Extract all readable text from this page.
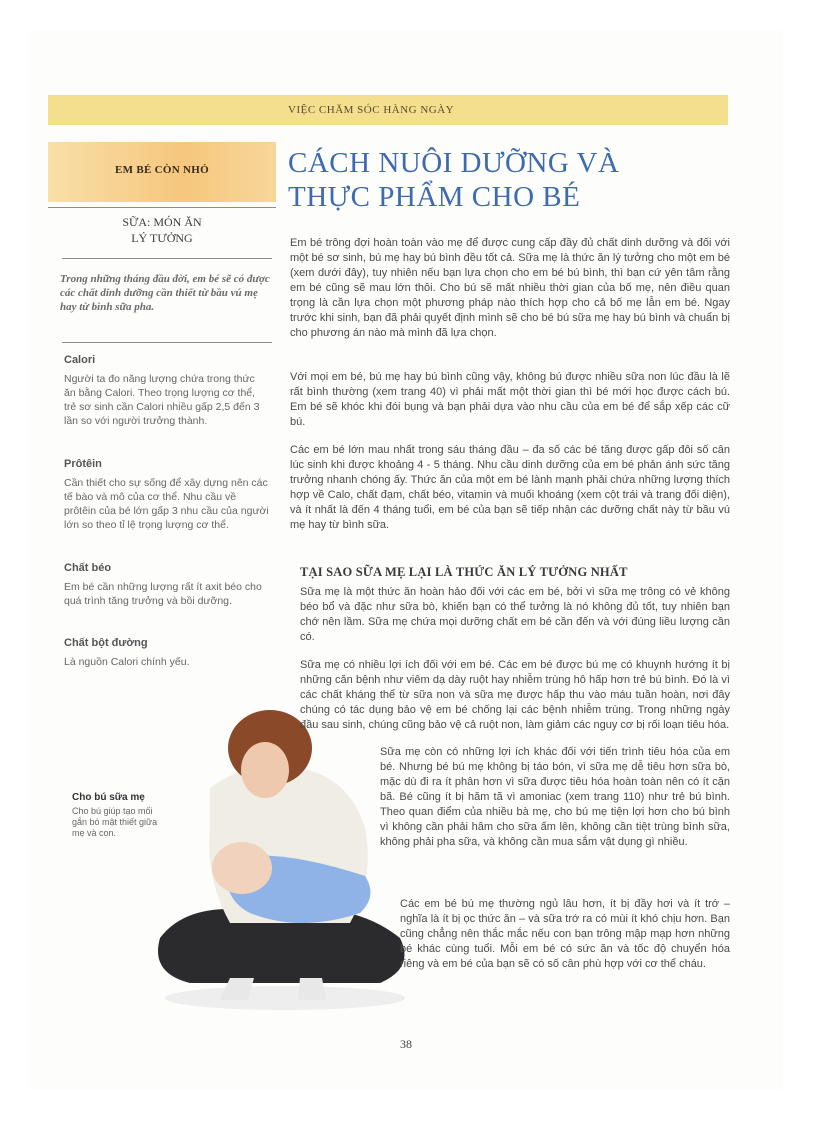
VIỆC CHĂM SÓC HÀNG NGÀY
EM BÉ CÒN NHỎ
SỮA: MÓN ĂN
LÝ TƯỞNG
Trong những tháng đầu đời, em bé sẽ có được các chất dinh dưỡng cần thiết từ bầu vú mẹ hay từ bình sữa pha.
Calori
Người ta đo năng lượng chứa trong thức ăn bằng Calori. Theo trọng lượng cơ thể, trẻ sơ sinh cần Calori nhiều gấp 2,5 đến 3 lần so với người trưởng thành.
Prôtêin
Cần thiết cho sự sống để xây dựng nên các tế bào và mô của cơ thể. Nhu cầu về prôtêin của bé lớn gấp 3 nhu cầu của người lớn so theo tỉ lệ trọng lượng cơ thể.
Chất béo
Em bé cần những lượng rất ít axit béo cho quá trình tăng trưởng và bồi dưỡng.
Chất bột đường
Là nguồn Calori chính yếu.
Cho bú sữa mẹ
Cho bú giúp tạo mối gắn bó mật thiết giữa mẹ và con.
CÁCH NUÔI DƯỠNG VÀ
THỰC PHẨM CHO BÉ
Em bé trông đợi hoàn toàn vào mẹ để được cung cấp đầy đủ chất dinh dưỡng và đối với một bé sơ sinh, bú mẹ hay bú bình đều tốt cả. Sữa mẹ là thức ăn lý tưởng cho một em bé (xem dưới đây), tuy nhiên nếu bạn lựa chọn cho em bé bú bình, thì bạn cứ yên tâm rằng em bé cũng sẽ mau lớn thôi. Cho bú sẽ mất nhiều thời gian của bố mẹ, nên điều quan trọng là cần lựa chọn một phương pháp nào thích hợp cho cả bố mẹ lẫn em bé. Ngay trước khi sinh, bạn đã phải quyết định mình sẽ cho bé bú sữa mẹ hay bú bình và chuẩn bị cho phương án nào mà mình đã lựa chọn.
Với mọi em bé, bú mẹ hay bú bình cũng vậy, không bú được nhiều sữa non lúc đầu là lẽ rất bình thường (xem trang 40) vì phải mất một thời gian thì bé mới học được cách bú. Em bé sẽ khóc khi đói bụng và bạn phải dựa vào nhu cầu của em bé để sắp xếp các cữ bú.
Các em bé lớn mau nhất trong sáu tháng đầu – đa số các bé tăng được gấp đôi số cân lúc sinh khi được khoảng 4 - 5 tháng. Nhu cầu dinh dưỡng của em bé phản ánh sức tăng trưởng nhanh chóng ấy. Thức ăn của một em bé lành mạnh phải chứa những lượng thích hợp về Calo, chất đạm, chất béo, vitamin và muối khoáng (xem cột trái và trang đối diện), và ít nhất là đến 4 tháng tuổi, em bé của bạn sẽ tiếp nhận các dưỡng chất này từ bầu vú mẹ hay từ bình sữa.
TẠI SAO SỮA MẸ LẠI LÀ THỨC ĂN LÝ TƯỞNG NHẤT
Sữa mẹ là một thức ăn hoàn hảo đối với các em bé, bởi vì sữa mẹ trông có vẻ không béo bổ và đặc như sữa bò, khiến bạn có thể tưởng là nó không đủ tốt, tuy nhiên bạn chớ nên lầm. Sữa mẹ chứa mọi dưỡng chất em bé cần đến và với đúng liều lượng cần có.
Sữa mẹ có nhiều lợi ích đối với em bé. Các em bé được bú mẹ có khuynh hướng ít bị những căn bệnh như viêm dạ dày ruột hay nhiễm trùng hô hấp hơn trẻ bú bình. Đó là vì các chất kháng thể từ sữa non và sữa mẹ được hấp thu vào máu tuần hoàn, nơi đây chúng có tác dụng bảo vệ em bé chống lại các bệnh nhiễm trùng. Trong những ngày đầu sau sinh, chúng cũng bảo vệ cả ruột non, làm giảm các nguy cơ bị rối loạn tiêu hóa.
Sữa mẹ còn có những lợi ích khác đối với tiến trình tiêu hóa của em bé. Nhưng bé bú mẹ không bị táo bón, vì sữa mẹ dễ tiêu hơn sữa bò, mặc dù đi ra ít phân hơn vì sữa được tiêu hóa hoàn toàn nên có ít cặn bã. Bé cũng ít bị hăm tã vì amoniac (xem trang 110) như trẻ bú bình. Theo quan điểm của nhiều bà mẹ, cho bú mẹ tiện lợi hơn cho bú bình vì không cần phải hâm cho sữa ấm lên, không cần tiệt trùng bình sữa, không phải pha sữa, và không cần mua sắm vật dụng gì nhiều.
Các em bé bú mẹ thường ngủ lâu hơn, ít bị đầy hơi và ít trớ – nghĩa là ít bị ọc thức ăn – và sữa trớ ra có mùi ít khó chịu hơn. Bạn cũng chẳng nên thắc mắc nếu con bạn trông mập mạp hơn những bé khác cùng tuổi. Mỗi em bé có sức ăn và tốc độ chuyển hóa riêng và em bé của bạn sẽ có số cân phù hợp với cơ thể cháu.
38
